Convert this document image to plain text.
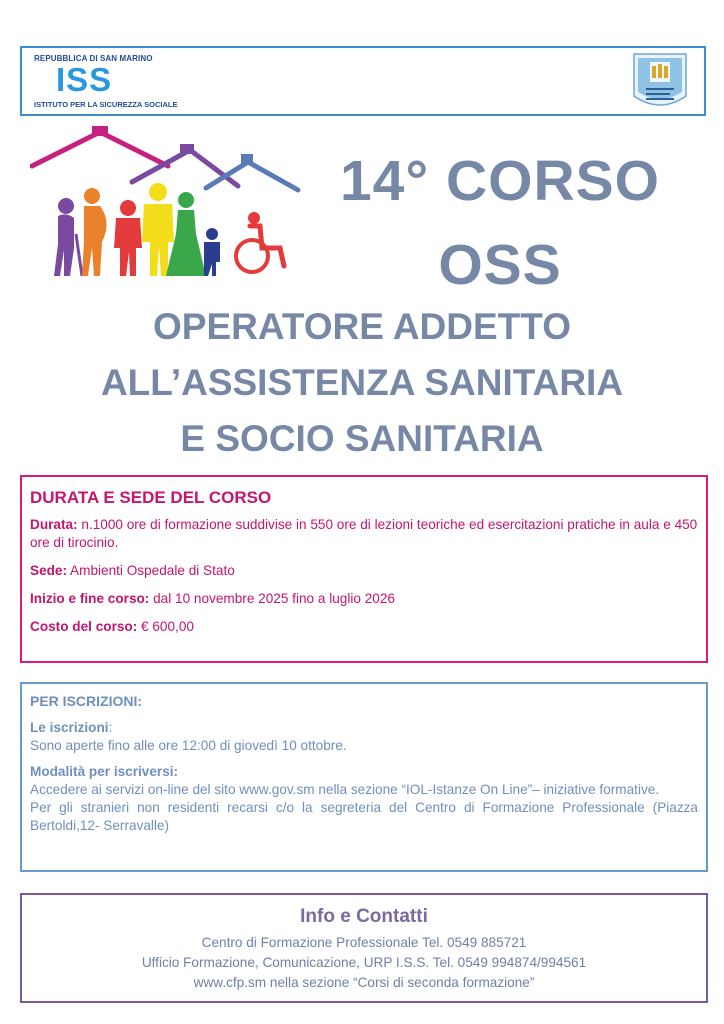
REPUBBLICA DI SAN MARINO
ISS
ISTITUTO PER LA SICUREZZA SOCIALE
14° CORSO
OSS
OPERATORE ADDETTO
ALL’ASSISTENZA SANITARIA
E SOCIO SANITARIA
DURATA E SEDE DEL CORSO

Durata: n.1000 ore di formazione suddivise in 550 ore di lezioni teoriche ed esercitazioni pratiche in aula e 450 ore di tirocinio.

Sede: Ambienti Ospedale di Stato

Inizio e fine corso: dal 10 novembre 2025 fino a luglio 2026

Costo del corso: € 600,00

PER ISCRIZIONI:

Le iscrizioni:
Sono aperte fino alle ore 12:00 di giovedì 10 ottobre.

Modalità per iscriversi:
Accedere ai servizi on-line del sito www.gov.sm nella sezione “IOL-Istanze On Line”– iniziative formative.
Per gli stranieri non residenti recarsi c/o la segreteria del Centro di Formazione Professionale (Piazza Bertoldi,12- Serravalle)

Info e Contatti
Centro di Formazione Professionale Tel. 0549 885721
Ufficio Formazione, Comunicazione, URP I.S.S. Tel. 0549 994874/994561
www.cfp.sm nella sezione “Corsi di seconda formazione”
